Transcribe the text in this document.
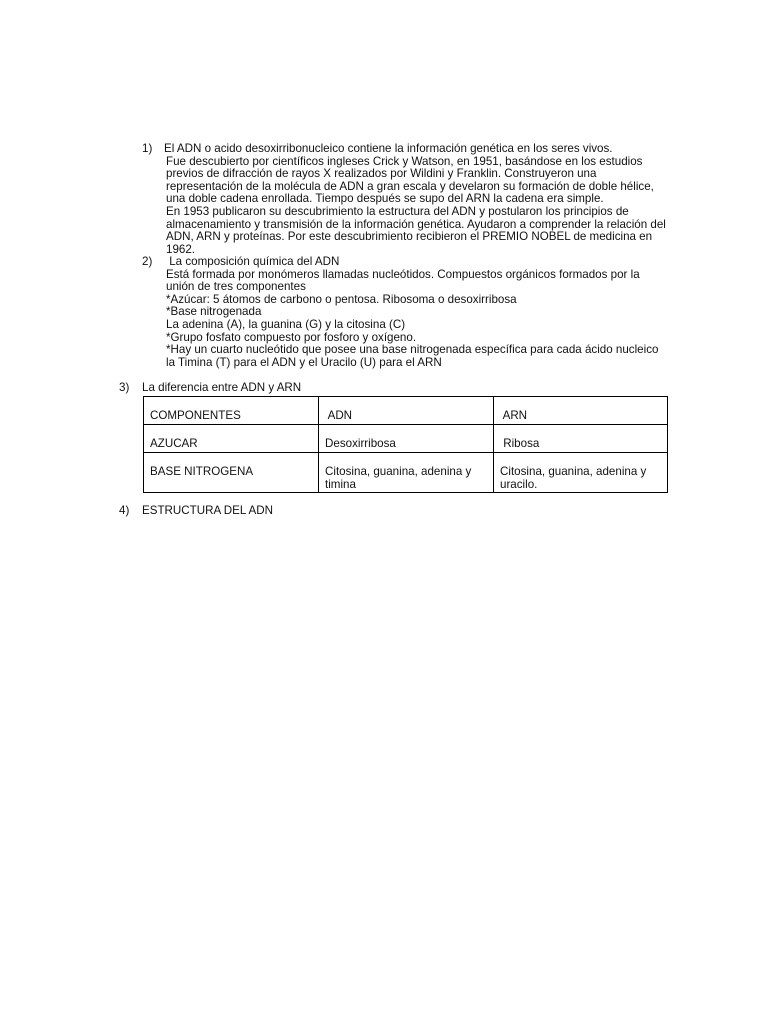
1) El ADN o acido desoxirribonucleico contiene la información genética en los seres vivos.
Fue descubierto por científicos ingleses Crick y Watson, en 1951, basándose en los estudios
previos de difracción de rayos X realizados por Wildini y Franklin. Construyeron una
representación de la molécula de ADN a gran escala y develaron su formación de doble hélice,
una doble cadena enrollada. Tiempo después se supo del ARN la cadena era simple.
En 1953 publicaron su descubrimiento la estructura del ADN y postularon los principios de
almacenamiento y transmisión de la información genética. Ayudaron a comprender la relación del
ADN, ARN y proteínas. Por este descubrimiento recibieron el PREMIO NOBEL de medicina en
1962.
2) La composición química del ADN
Está formada por monómeros llamadas nucleótidos. Compuestos orgánicos formados por la
unión de tres componentes
*Azúcar: 5 átomos de carbono o pentosa. Ribosoma o desoxirribosa
*Base nitrogenada
La adenina (A), la guanina (G) y la citosina (C)
*Grupo fosfato compuesto por fosforo y oxígeno.
*Hay un cuarto nucleótido que posee una base nitrogenada específica para cada ácido nucleico
la Timina (T) para el ADN y el Uracilo (U) para el ARN
3) La diferencia entre ADN y ARN
COMPONENTES	ADN	ARN
AZUCAR	Desoxirribosa	Ribosa
BASE NITROGENA	Citosina, guanina, adenina y timina	Citosina, guanina, adenina y uracilo.
4) ESTRUCTURA DEL ADN
